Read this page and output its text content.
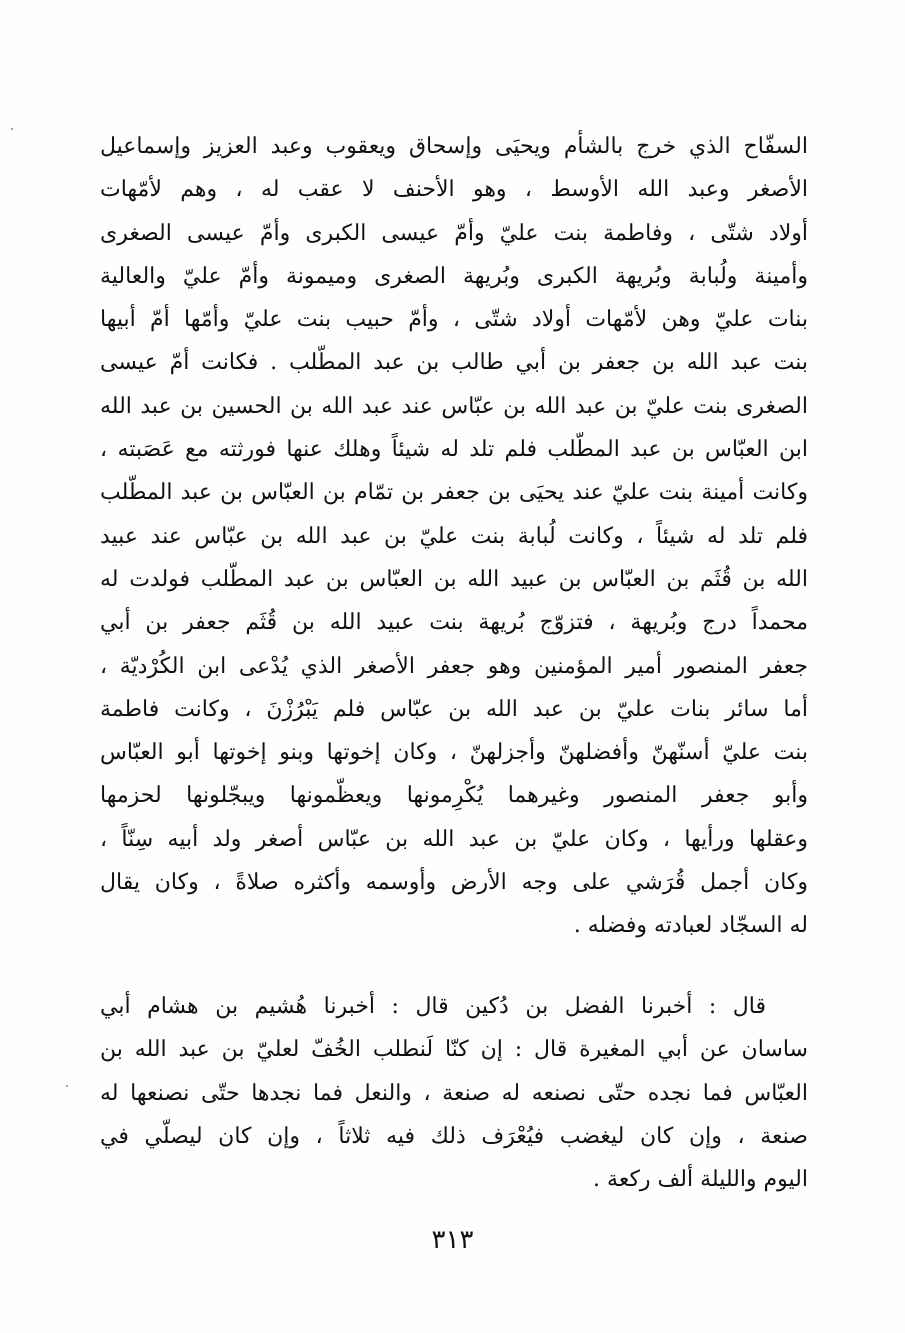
السفّاح الذي خرج بالشأم ويحيَى وإسحاق ويعقوب وعبد العزيز وإسماعيل
الأصغر وعبد الله الأوسط ، وهو الأحنف لا عقب له ، وهم لأمّهات
أولاد شتّى ، وفاطمة بنت عليّ وأمّ عيسى الكبرى وأمّ عيسى الصغرى
وأمينة ولُبابة وبُريهة الكبرى وبُريهة الصغرى وميمونة وأمّ عليّ والعالية
بنات عليّ وهن لأمّهات أولاد شتّى ، وأمّ حبيب بنت عليّ وأمّها أمّ أبيها
بنت عبد الله بن جعفر بن أبي طالب بن عبد المطّلب . فكانت أمّ عيسى
الصغرى بنت عليّ بن عبد الله بن عبّاس عند عبد الله بن الحسين بن عبد الله
ابن العبّاس بن عبد المطّلب فلم تلد له شيئاً وهلك عنها فورثته مع عَصَبته ،
وكانت أمينة بنت عليّ عند يحيَى بن جعفر بن تمّام بن العبّاس بن عبد المطّلب
فلم تلد له شيئاً ، وكانت لُبابة بنت عليّ بن عبد الله بن عبّاس عند عبيد
الله بن قُثَم بن العبّاس بن عبيد الله بن العبّاس بن عبد المطّلب فولدت له
محمداً درج وبُريهة ، فتزوّج بُريهة بنت عبيد الله بن قُثَم جعفر بن أبي
جعفر المنصور أمير المؤمنين وهو جعفر الأصغر الذي يُدْعى ابن الكُرْديّة ،
أما سائر بنات عليّ بن عبد الله بن عبّاس فلم يَبْرُزْنَ ، وكانت فاطمة
بنت عليّ أسنّهنّ وأفضلهنّ وأجزلهنّ ، وكان إخوتها وبنو إخوتها أبو العبّاس
وأبو جعفر المنصور وغيرهما يُكْرِمونها ويعظّمونها ويبجّلونها لحزمها
وعقلها ورأيها ، وكان عليّ بن عبد الله بن عبّاس أصغر ولد أبيه سِنّاً ،
وكان أجمل قُرَشي على وجه الأرض وأوسمه وأكثره صلاةً ، وكان يقال
له السجّاد لعبادته وفضله .
قال : أخبرنا الفضل بن دُكين قال : أخبرنا هُشيم بن هشام أبي
ساسان عن أبي المغيرة قال : إن كنّا لَنطلب الخُفّ لعليّ بن عبد الله بن
العبّاس فما نجده حتّى نصنعه له صنعة ، والنعل فما نجدها حتّى نصنعها له
صنعة ، وإن كان ليغضب فيُعْرَف ذلك فيه ثلاثاً ، وإن كان ليصلّي في
اليوم والليلة ألف ركعة .
٣١٣
